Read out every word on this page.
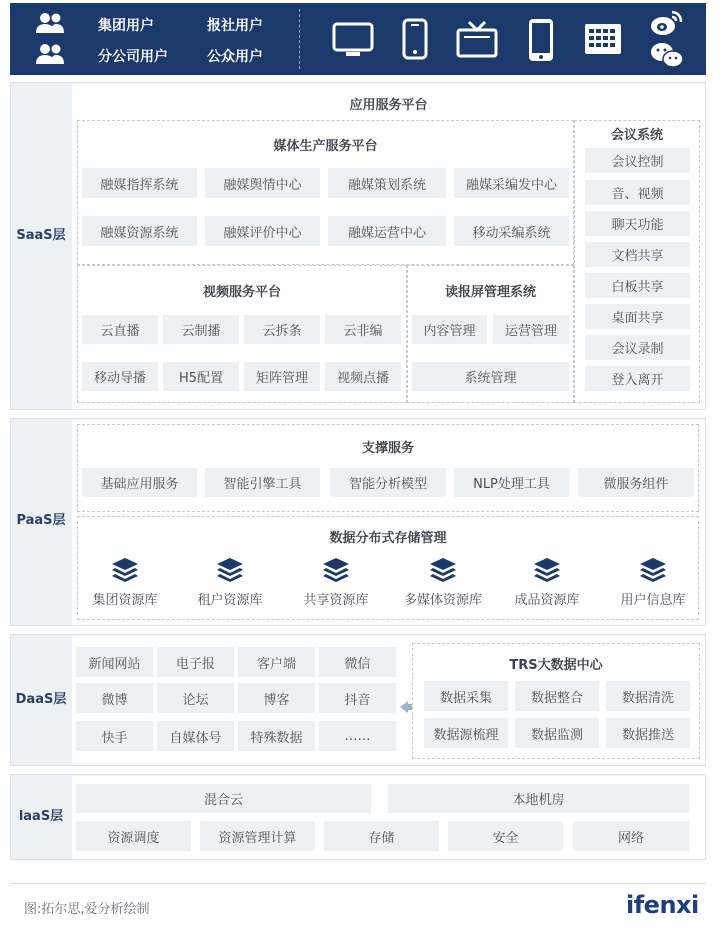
集团用户	报社用户
分公司用户	公众用户
SaaS层
应用服务平台
媒体生产服务平台
融媒指挥系统	融媒舆情中心	融媒策划系统	融媒采编发中心
融媒资源系统	融媒评价中心	融媒运营中心	移动采编系统
视频服务平台
云直播	云制播	云拆条	云非编
移动导播	H5配置	矩阵管理	视频点播
读报屏管理系统
内容管理	运营管理
系统管理
会议系统
会议控制
音、视频
聊天功能
文档共享
白板共享
桌面共享
会议录制
登入离开
PaaS层
支撑服务
基础应用服务	智能引擎工具	智能分析模型	NLP处理工具	微服务组件
数据分布式存储管理
集团资源库	租户资源库	共享资源库	多媒体资源库 成品资源库	用户信息库
DaaS层
新闻网站	电子报	客户端	微信
微博	论坛	博客	抖音
快手	自媒体号	特殊数据	……
TRS大数据中心
数据采集	数据整合	数据清洗
数据源梳理	数据监测	数据推送
laaS层
混合云	本地机房
资源调度	资源管理计算	存储	安全	网络
图:拓尔思,爱分析绘制	ifenxi
